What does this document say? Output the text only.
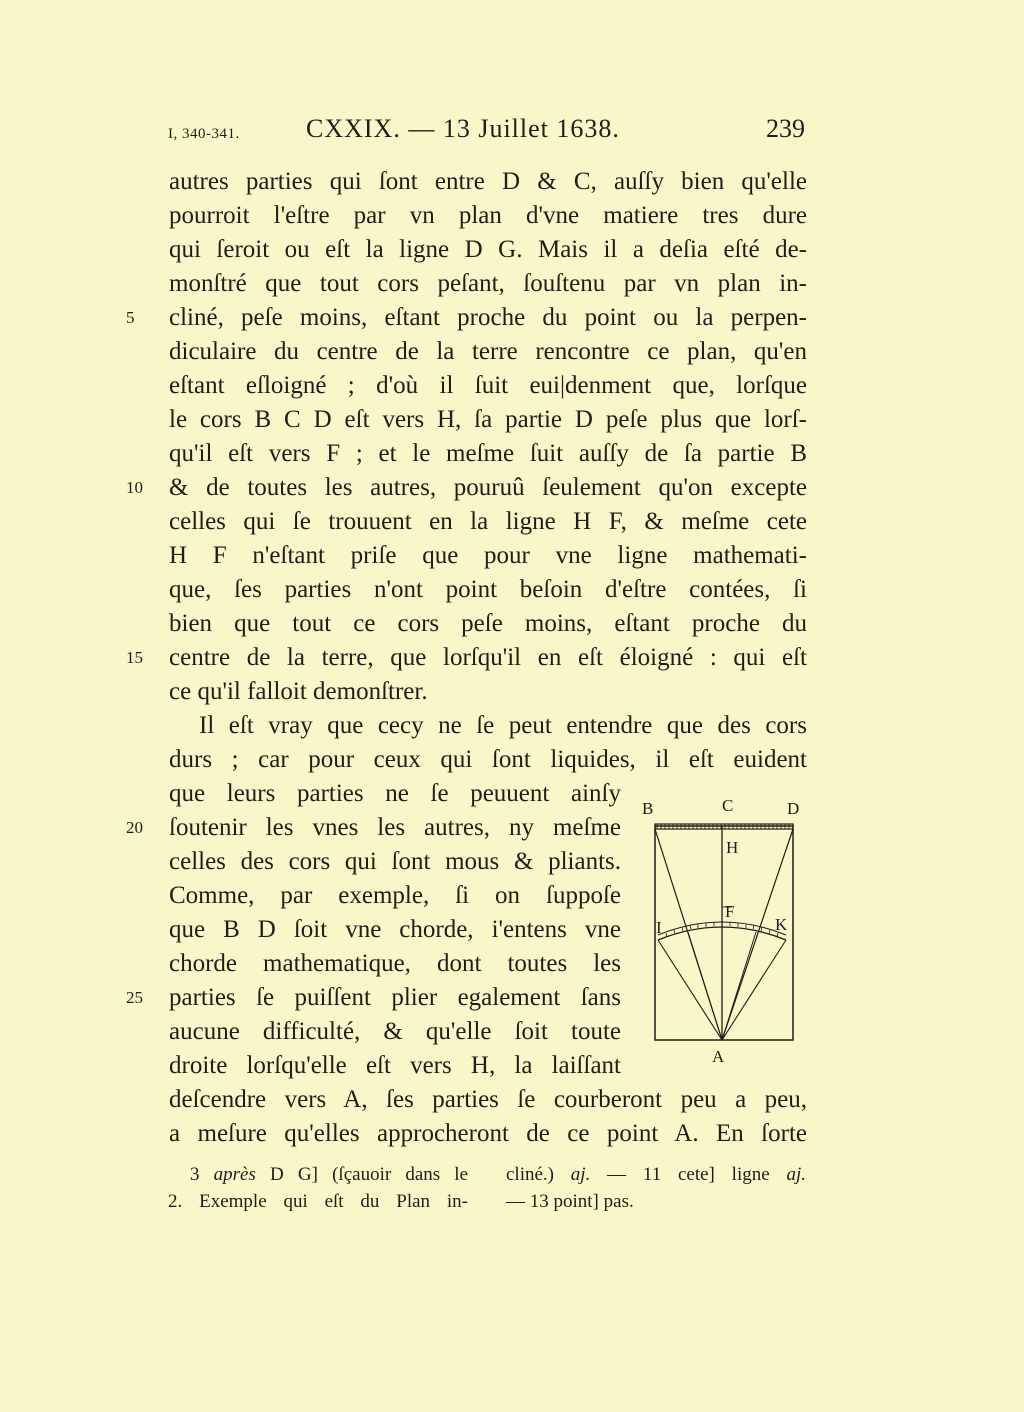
I, 340-341.	CXXIX. — 13 Juillet 1638.	239
autres parties qui ſont entre D & C, auſſy bien qu'elle
pourroit l'eſtre par vn plan d'vne matiere tres dure
qui ſeroit ou eſt la ligne D G. Mais il a deſia eſté de-
monſtré que tout cors peſant, ſouſtenu par vn plan in-
cliné, peſe moins, eſtant proche du point ou la perpen-
diculaire du centre de la terre rencontre ce plan, qu'en
eſtant eſloigné ; d'où il ſuit eui|denment que, lorſque
le cors B C D eſt vers H, ſa partie D peſe plus que lorſ-
qu'il eſt vers F ; et le meſme ſuit auſſy de ſa partie B
& de toutes les autres, pouruû ſeulement qu'on excepte
celles qui ſe trouuent en la ligne H F, & meſme cete
H F n'eſtant priſe que pour vne ligne mathemati-
que, ſes parties n'ont point beſoin d'eſtre contées, ſi
bien que tout ce cors peſe moins, eſtant proche du
centre de la terre, que lorſqu'il en eſt éloigné : qui eſt
ce qu'il falloit demonſtrer.
Il eſt vray que cecy ne ſe peut entendre que des cors
durs ; car pour ceux qui ſont liquides, il eſt euident
que leurs parties ne ſe peuuent ainſy
ſoutenir les vnes les autres, ny meſme
celles des cors qui ſont mous & pliants.
Comme, par exemple, ſi on ſuppoſe
que B D ſoit vne chorde, i'entens vne
chorde mathematique, dont toutes les
parties ſe puiſſent plier egalement ſans
aucune difficulté, & qu'elle ſoit toute
droite lorſqu'elle eſt vers H, la laiſſant
deſcendre vers A, ſes parties ſe courberont peu a peu,
a meſure qu'elles approcheront de ce point A. En ſorte
5
10
15
20
25
B	C	D
H
F
I	K
A
3 après D G] (ſçauoir dans le
2. Exemple qui eſt du Plan in-
cliné.) aj. — 11 cete] ligne aj.
— 13 point] pas.
